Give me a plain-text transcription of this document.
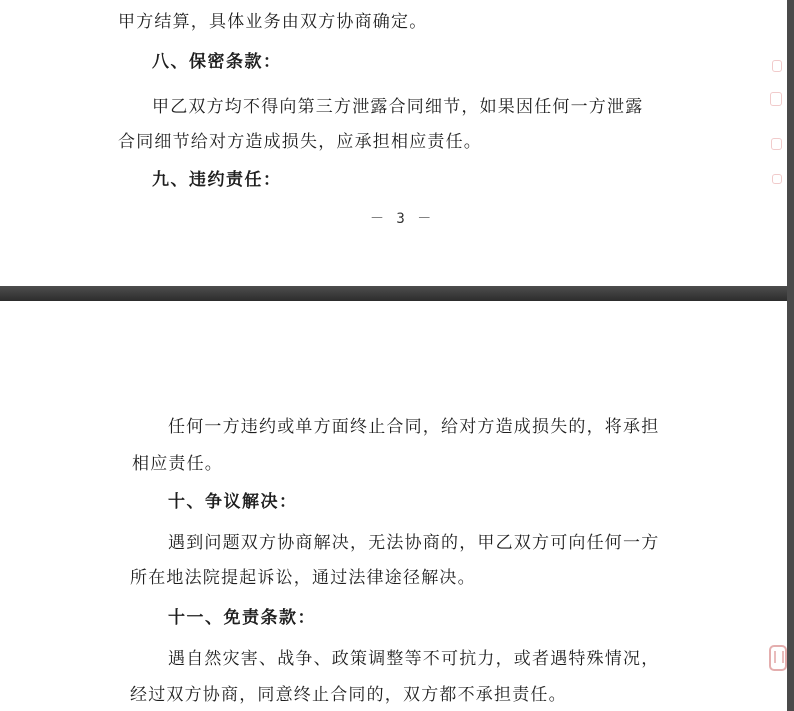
甲方结算，具体业务由双方协商确定。
八、保密条款：
甲乙双方均不得向第三方泄露合同细节，如果因任何一方泄露
合同细节给对方造成损失，应承担相应责任。
九、违约责任：
－ 3 －
任何一方违约或单方面终止合同，给对方造成损失的，将承担
相应责任。
十、争议解决：
遇到问题双方协商解决，无法协商的，甲乙双方可向任何一方
所在地法院提起诉讼，通过法律途径解决。
十一、免责条款：
遇自然灾害、战争、政策调整等不可抗力，或者遇特殊情况，
经过双方协商，同意终止合同的，双方都不承担责任。
